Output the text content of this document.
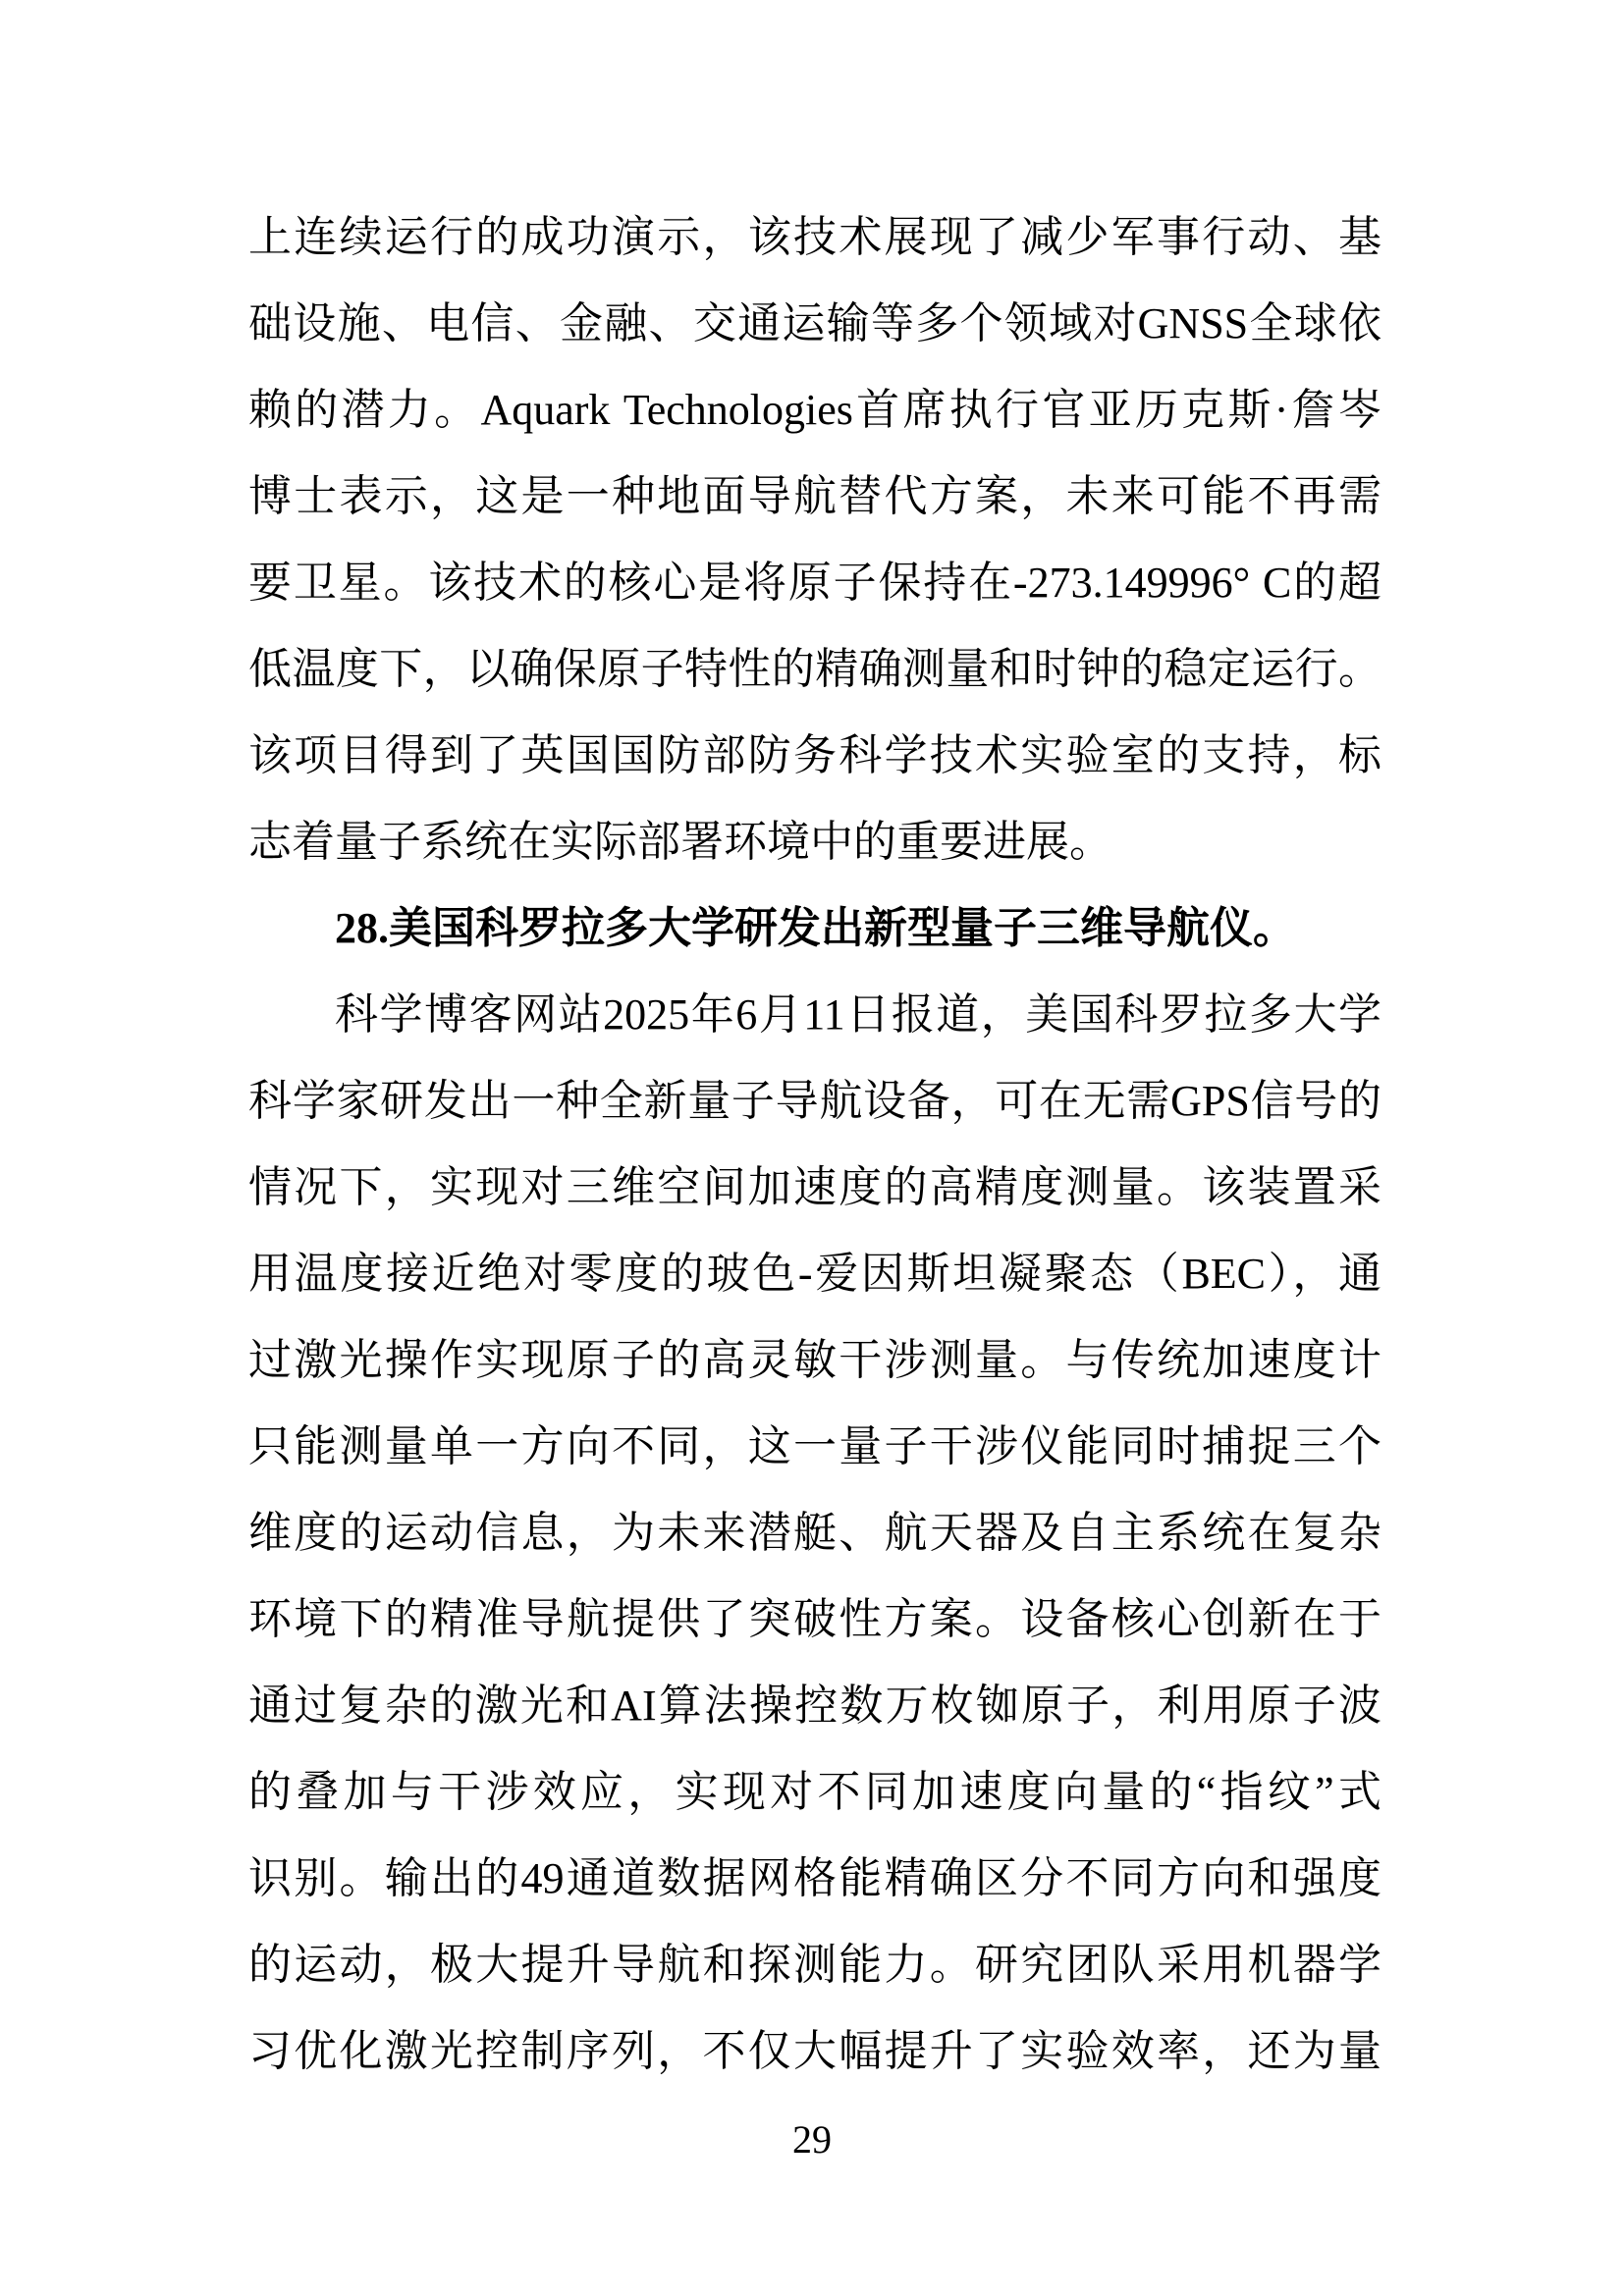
上连续运行的成功演示，该技术展现了减少军事行动、基
础设施、电信、金融、交通运输等多个领域对GNSS全球依
赖的潜力。Aquark Technologies首席执行官亚历克斯·詹岑
博士表示，这是一种地面导航替代方案，未来可能不再需
要卫星。该技术的核心是将原子保持在-273.149996° C的超
低温度下，以确保原子特性的精确测量和时钟的稳定运行。
该项目得到了英国国防部防务科学技术实验室的支持，标
志着量子系统在实际部署环境中的重要进展。
28.美国科罗拉多大学研发出新型量子三维导航仪。
科学博客网站2025年6月11日报道，美国科罗拉多大学
科学家研发出一种全新量子导航设备，可在无需GPS信号的
情况下，实现对三维空间加速度的高精度测量。该装置采
用温度接近绝对零度的玻色-爱因斯坦凝聚态（BEC），通
过激光操作实现原子的高灵敏干涉测量。与传统加速度计
只能测量单一方向不同，这一量子干涉仪能同时捕捉三个
维度的运动信息，为未来潜艇、航天器及自主系统在复杂
环境下的精准导航提供了突破性方案。设备核心创新在于
通过复杂的激光和AI算法操控数万枚铷原子，利用原子波
的叠加与干涉效应，实现对不同加速度向量的“指纹”式
识别。输出的49通道数据网格能精确区分不同方向和强度
的运动，极大提升导航和探测能力。研究团队采用机器学
习优化激光控制序列，不仅大幅提升了实验效率，还为量
29
